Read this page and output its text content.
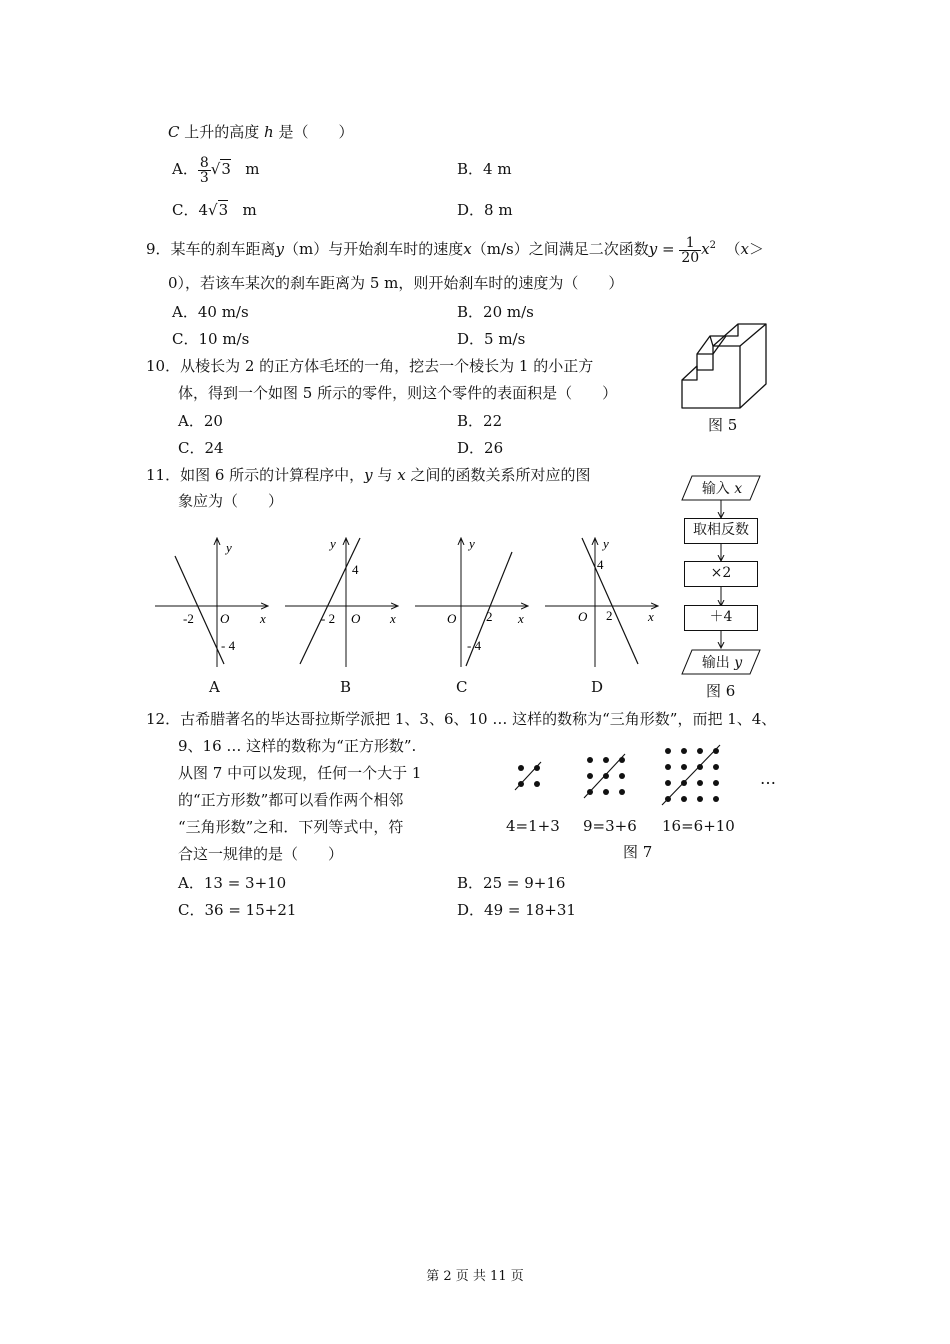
C 上升的高度 h 是（　　）
A． $\frac{8}{3} √3$ m	B．4 m
C．4√3 m	D．8 m
9．某车的刹车距离y（m）与开始刹车时的速度x（m/s）之间满足二次函数$y = \frac{1}{20} x^2$ （x＞
0），若该车某次的刹车距离为 5 m，则开始刹车时的速度为（　　）
A．40 m/s	B．20 m/s
C．10 m/s	D．5 m/s
10．从棱长为 2 的正方体毛坯的一角，挖去一个棱长为 1 的小正方
体，得到一个如图 5 所示的零件，则这个零件的表面积是（　　）
A．20	B．22
C．24	D．26
图 5
11．如图 6 所示的计算程序中，y 与 x 之间的函数关系所对应的图
象应为（　　）
y
x
O
-2
- 4
A
y
x
O
- 2
4
B
y
x
O 2
- 4
C
y
x
O 2
4
D
输入 x
取相反数
×2
＋4
输出 y
图 6
12．古希腊著名的毕达哥拉斯学派把 1、3、6、10 … 这样的数称为“三角形数”，而把 1、4、
9、16 … 这样的数称为“正方形数”.
从图 7 中可以发现，任何一个大于 1
的“正方形数”都可以看作两个相邻
“三角形数”之和．下列等式中，符
合这一规律的是（　　）
…
4=1+3 9=3+6 16=6+10
图 7
A．13 = 3+10	B．25 = 9+16
C．36 = 15+21	D．49 = 18+31
第 2 页 共 11 页
